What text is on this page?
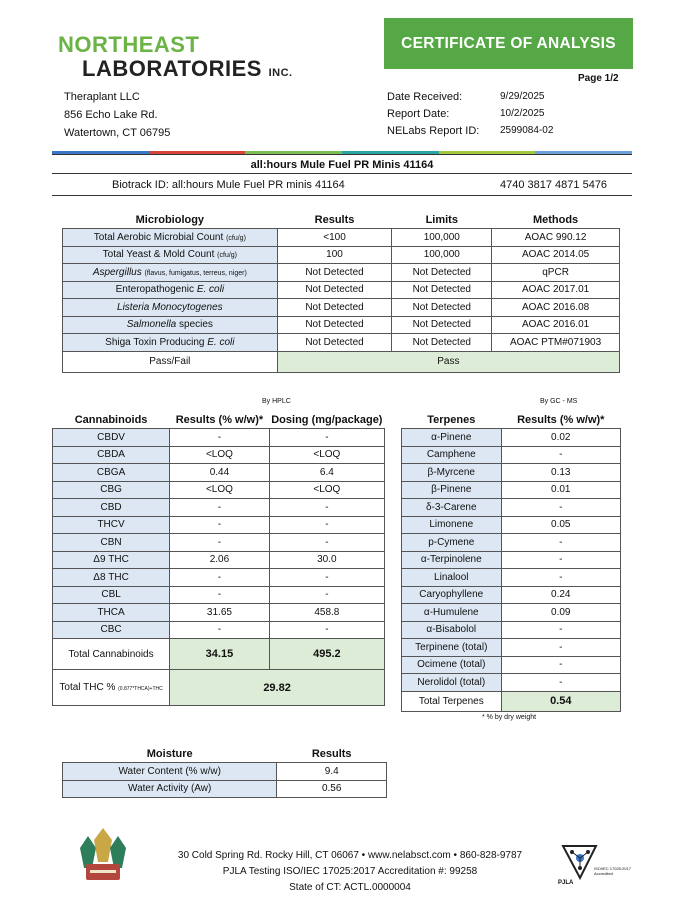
NORTHEAST
LABORATORIES INC.
CERTIFICATE OF ANALYSIS
Page 1/2
Theraplant LLC
856 Echo Lake Rd.
Watertown, CT 06795
Date Received:	9/29/2025
Report Date:	10/2/2025
NELabs Report ID:	2599084-02
all:hours Mule Fuel PR Minis 41164
Biotrack ID: all:hours Mule Fuel PR minis 41164	4740 3817 4871 5476
Microbiology	Results	Limits	Methods
Total Aerobic Microbial Count (cfu/g)	<100	100,000	AOAC 990.12
Total Yeast & Mold Count (cfu/g)	100	100,000	AOAC 2014.05
Aspergillus (flavus, fumigatus, terreus, niger)	Not Detected	Not Detected	qPCR
Enteropathogenic E. coli	Not Detected	Not Detected	AOAC 2017.01
Listeria Monocytogenes	Not Detected	Not Detected	AOAC 2016.08
Salmonella species	Not Detected	Not Detected	AOAC 2016.01
Shiga Toxin Producing E. coli	Not Detected	Not Detected	AOAC PTM#071903
Pass/Fail	Pass		
By HPLC
Cannabinoids	Results (% w/w)*	Dosing (mg/package)
CBDV	-	-
CBDA	<LOQ	<LOQ
CBGA	0.44	6.4
CBG	<LOQ	<LOQ
CBD	-	-
THCV	-	-
CBN	-	-
Δ9 THC	2.06	30.0
Δ8 THC	-	-
CBL	-	-
THCA	31.65	458.8
CBC	-	-
Total Cannabinoids	34.15	495.2
Total THC % (0.877*THCA)+THC	29.82	
By GC - MS
Terpenes	Results (% w/w)*
α-Pinene	0.02
Camphene	-
β-Myrcene	0.13
β-Pinene	0.01
δ-3-Carene	-
Limonene	0.05
p-Cymene	-
α-Terpinolene	-
Linalool	-
Caryophyllene	0.24
α-Humulene	0.09
α-Bisabolol	-
Terpinene (total)	-
Ocimene (total)	-
Nerolidol (total)	-
Total Terpenes	0.54
* % by dry weight
Moisture	Results
Water Content (% w/w)	9.4
Water Activity (Aw)	0.56
30 Cold Spring Rd. Rocky Hill, CT 06067 • www.nelabsct.com • 860-828-9787
PJLA Testing ISO/IEC 17025:2017 Accreditation #: 99258
State of CT: ACTL.0000004	PJLA
ISO/IEC 17025:2017 Accredited
